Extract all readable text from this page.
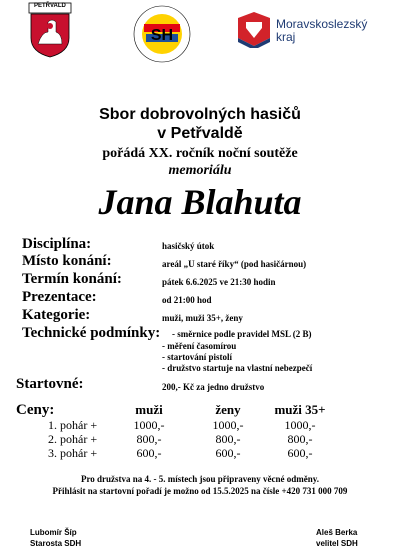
PETŘVALD
SH
Moravskoslezský
kraj
Sbor dobrovolných hasičů
v Petřvaldě
pořádá XX. ročník noční soutěže
memoriálu
Jana Blahuta
Disciplína:	hasičský útok
Místo konání:	areál „U staré říky“ (pod hasičárnou)
Termín konání:	pátek 6.6.2025 ve 21:30 hodin
Prezentace:	od 21:00 hod
Kategorie:	muži, muži 35+, ženy
Technické podmínky: - směrnice podle pravidel MSL (2 B)
- měření časomírou
- startování pistolí
- družstvo startuje na vlastní nebezpečí
Startovné:	200,- Kč za jedno družstvo
Ceny:	muži	ženy	muži 35+
1. pohár +	1000,-	1000,-	1000,-
2. pohár +	800,-	800,-	800,-
3. pohár +	600,-	600,-	600,-
Pro družstva na 4. - 5. místech jsou připraveny věcné odměny.
Přihlásit na startovní pořadí je možno od 15.5.2025 na čísle +420 731 000 709
Lubomír Šíp
Starosta SDH
Aleš Berka
velitel SDH
